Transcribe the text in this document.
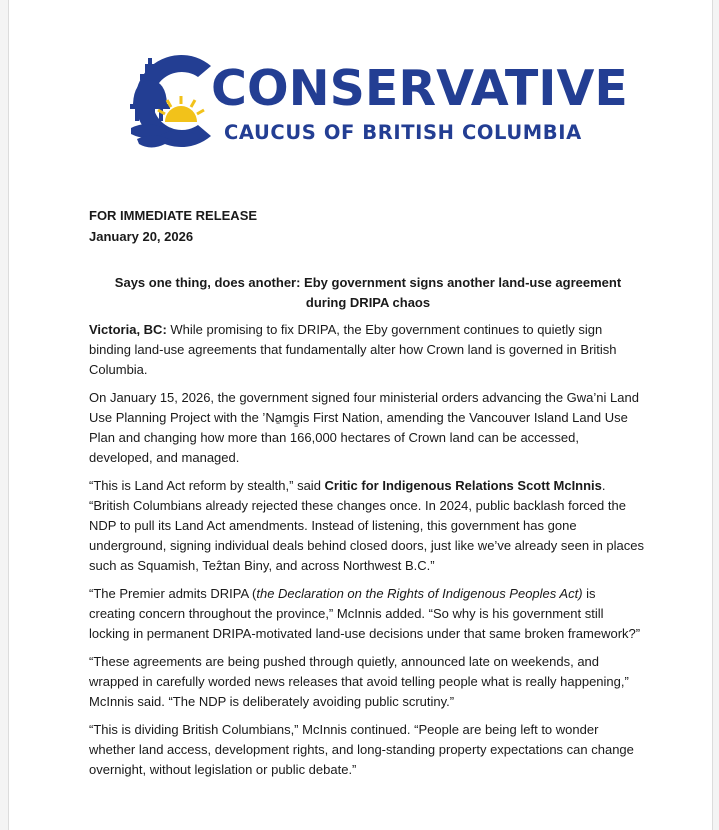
CONSERVATIVE
CAUCUS OF BRITISH COLUMBIA
FOR IMMEDIATE RELEASE
January 20, 2026
Says one thing, does another: Eby government signs another land-use agreement
during DRIPA chaos

Victoria, BC: While promising to fix DRIPA, the Eby government continues to quietly sign binding land-use agreements that fundamentally alter how Crown land is governed in British Columbia.

On January 15, 2026, the government signed four ministerial orders advancing the Gwa’ni Land Use Planning Project with the ’Na̱mg̱is First Nation, amending the Vancouver Island Land Use Plan and changing how more than 166,000 hectares of Crown land can be accessed, developed, and managed.

“This is Land Act reform by stealth,” said Critic for Indigenous Relations Scott McInnis. “British Columbians already rejected these changes once. In 2024, public backlash forced the NDP to pull its Land Act amendments. Instead of listening, this government has gone underground, signing individual deals behind closed doors, just like we’ve already seen in places such as Squamish, Teẑtan Biny, and across Northwest B.C.”

“The Premier admits DRIPA (the Declaration on the Rights of Indigenous Peoples Act) is creating concern throughout the province,” McInnis added. “So why is his government still locking in permanent DRIPA-motivated land-use decisions under that same broken framework?”

“These agreements are being pushed through quietly, announced late on weekends, and wrapped in carefully worded news releases that avoid telling people what is really happening,” McInnis said. “The NDP is deliberately avoiding public scrutiny.”

“This is dividing British Columbians,” McInnis continued. “People are being left to wonder whether land access, development rights, and long-standing property expectations can change overnight, without legislation or public debate.”
